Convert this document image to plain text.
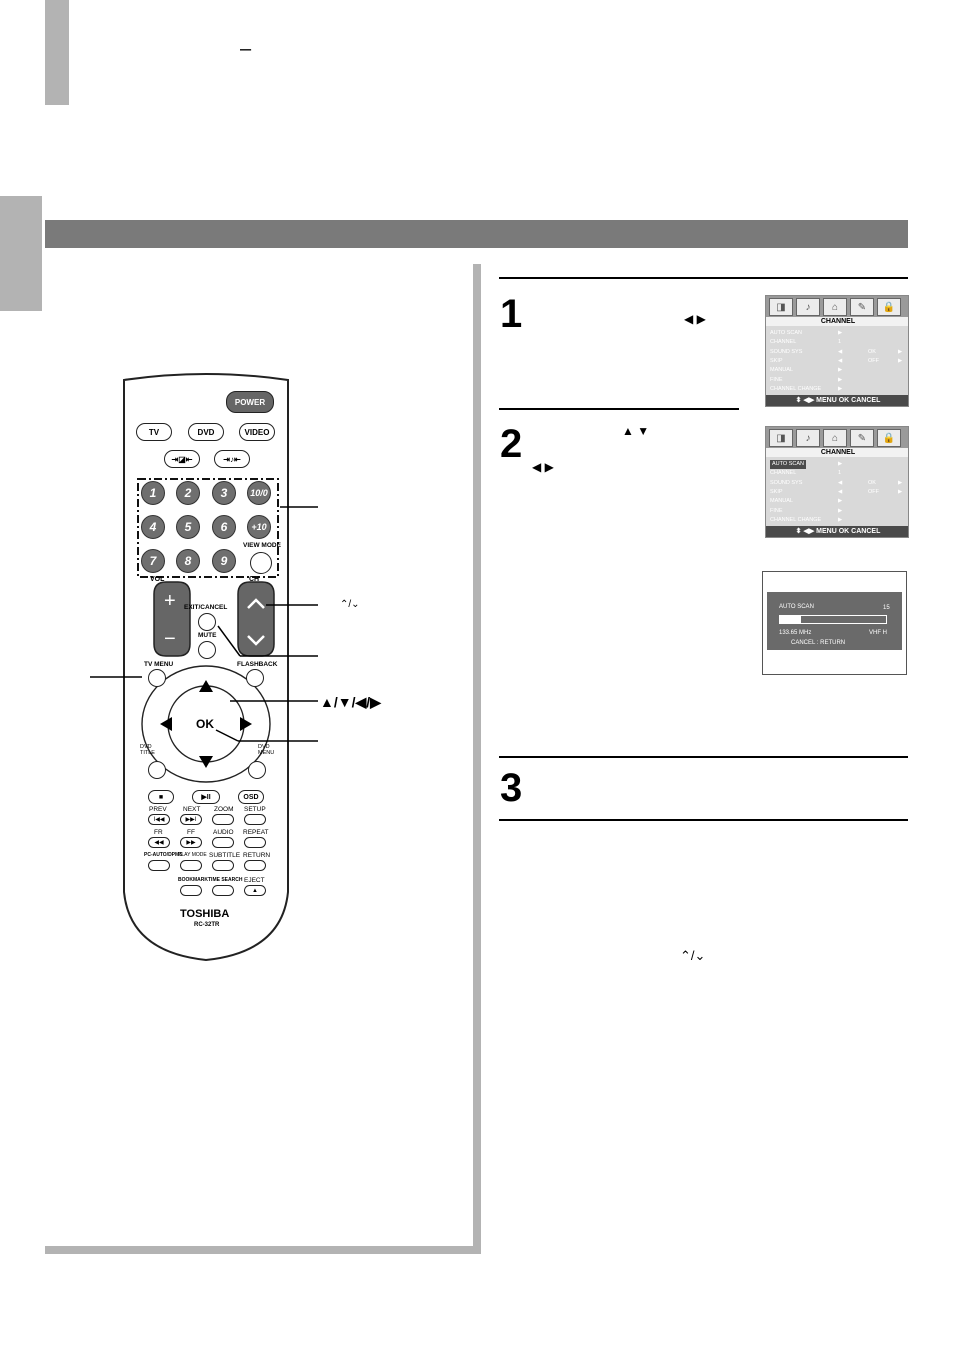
–
POWER
TV	DVD	VIDEO
⇥◪⇤	⇥♪⇤
1	2	3	10/0
4	5	6	+10
7	8	9
VIEW MODE
VOL	CH
+
−
EXIT/CANCEL
MUTE
TV MENU	FLASHBACK
OK
DVD TITLE
DVD MENU
■	▶II	OSD
PREV	NEXT ZOOM SETUP
I◀◀	▶▶I
FR	FF	AUDIO REPEAT
◀◀	▶▶
PC-AUTO/DPMS
PLAY MODE SUBTITLE RETURN
BOOKMARK TIME SEARCH EJECT
▲
TOSHIBA
RC-32TR
⌃/⌄
▲/▼/◀/▶
1	◀ ▶
2	▲ ▼
◀ ▶
3
⌃/⌄
◨	♪	⌂	✎	🔒
CHANNEL
AUTO SCAN	▶
CHANNEL	1
SOUND SYS	◀	OK	▶
SKIP	◀	OFF	▶
MANUAL	▶
FINE	▶
CHANNEL CHANGE	▶
⬍ ◀▶ MENU OK CANCEL
◨	♪	⌂	✎	🔒
CHANNEL
AUTO SCAN	▶
CHANNEL	1
SOUND SYS	◀	OK	▶
SKIP	◀	OFF	▶
MANUAL	▶
FINE	▶
CHANNEL CHANGE	▶
⬍ ◀▶ MENU OK CANCEL
AUTO SCAN	15
133.65 MHz	VHF H
CANCEL : RETURN
